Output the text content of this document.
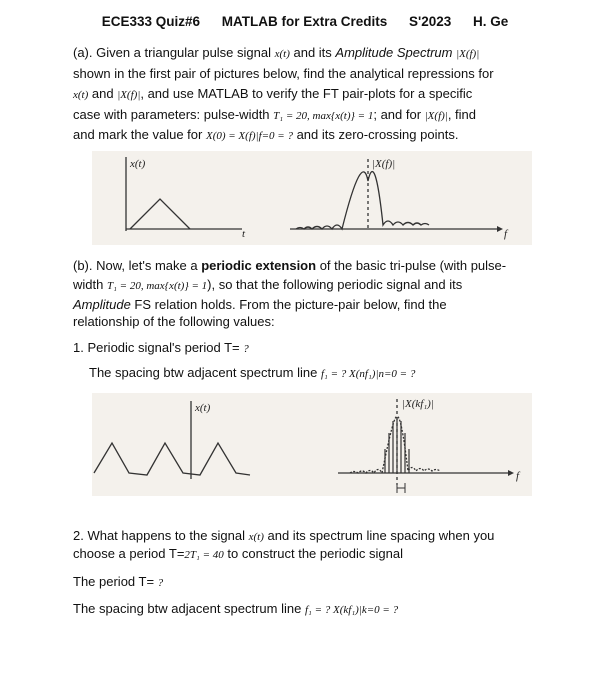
ECE333 Quiz#6 MATLAB for Extra Credits S'2023 H. Ge
(a). Given a triangular pulse signal x(t) and its Amplitude Spectrum |X(f)|
shown in the first pair of pictures below, find the analytical repressions for
x(t) and |X(f)|, and use MATLAB to verify the FT pair-plots for a specific
case with parameters: pulse-width T₁ = 20, max{x(t)} = 1; and for |X(f)|, find
and mark the value for X(0) = X(f)|f=0 = ? and its zero-crossing points.
x(t)	|X(f)|
t	f
(b). Now, let's make a periodic extension of the basic tri-pulse (with pulse-
width T₁ = 20, max{x(t)} = 1), so that the following periodic signal and its
Amplitude FS relation holds. From the picture-pair below, find the
relationship of the following values:
1. Periodic signal's period T= ?
The spacing btw adjacent spectrum line f₁ = ? X(nf₁)|n=0 = ?
x(t)	|X(kf₁)|
f
2. What happens to the signal x(t) and its spectrum line spacing when you
choose a period T=2T₁ = 40 to construct the periodic signal
The period T= ?
The spacing btw adjacent spectrum line f₁ = ? X(kf₁)|k=0 = ?
